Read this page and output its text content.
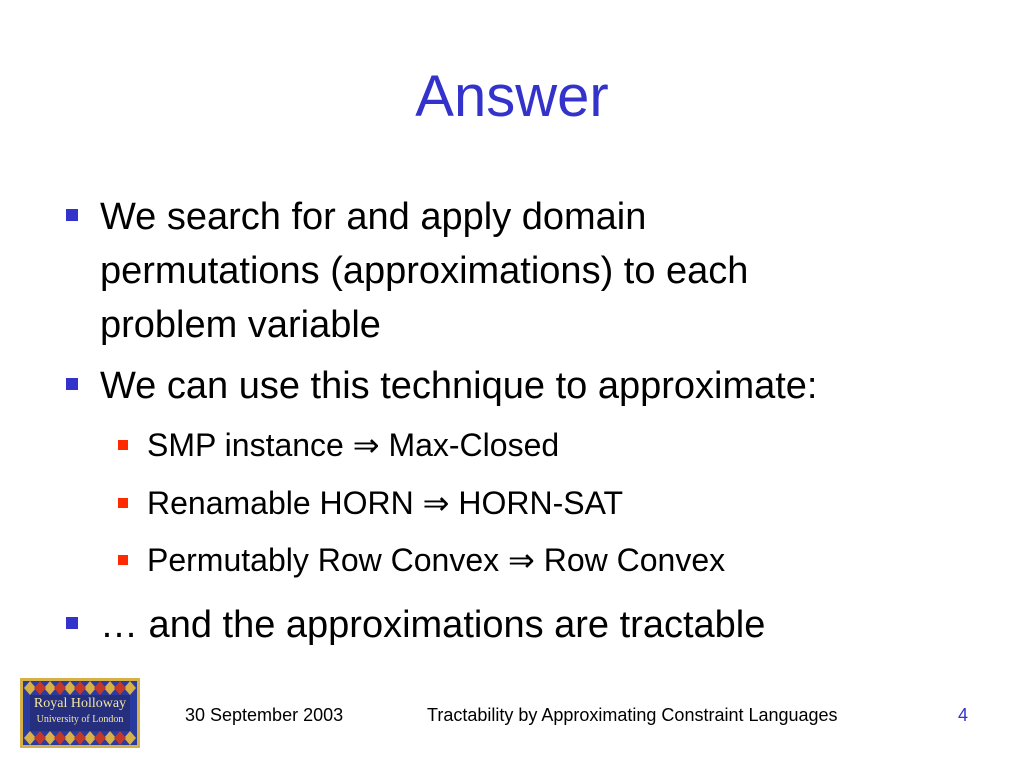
Answer
We search for and apply domain
permutations (approximations) to each
problem variable
We can use this technique to approximate:
SMP instance ⇒ Max-Closed
Renamable HORN ⇒ HORN-SAT
Permutably Row Convex ⇒ Row Convex
… and the approximations are tractable
Royal Holloway
University of London	30 September 2003	Tractability by Approximating Constraint Languages	4
